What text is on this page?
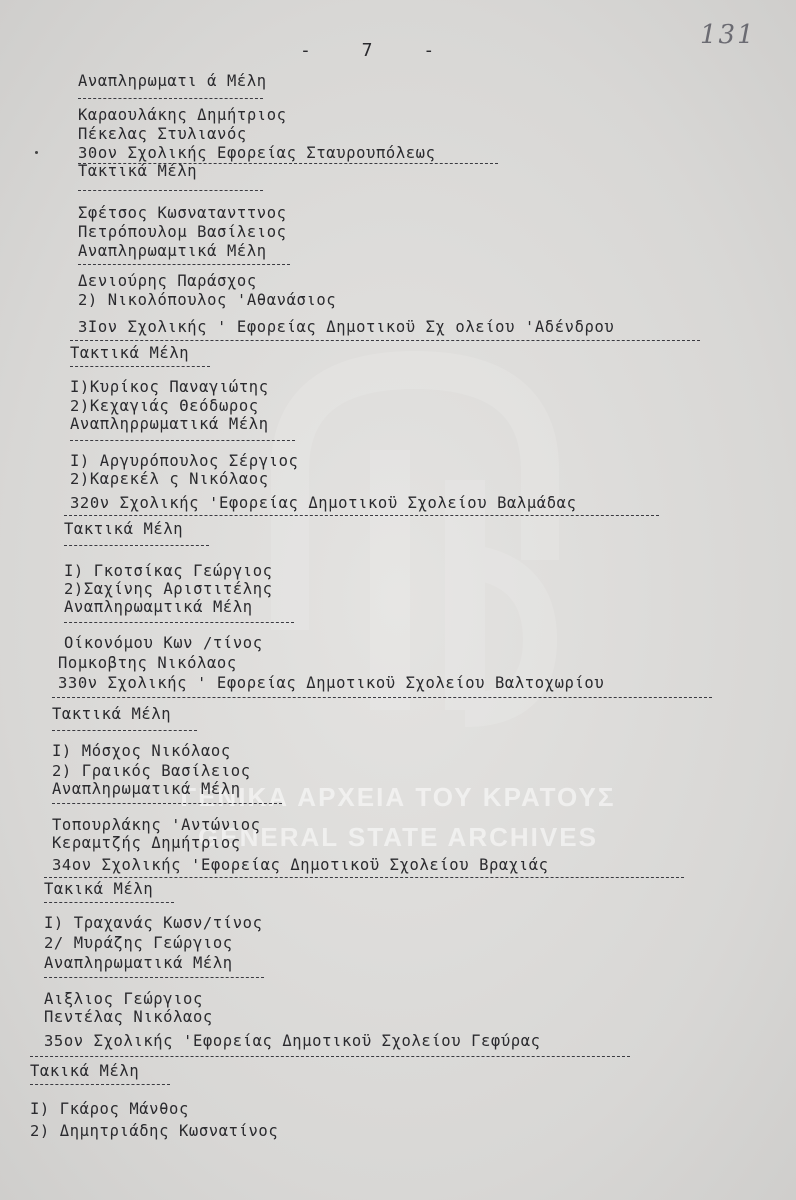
ΓΕΝΙΚΑ ΑΡΧΕΙΑ ΤΟΥ ΚΡΑΤΟΥΣ
GENERAL STATE ARCHIVES
- 7 -
131
Αναπληρωματι ά Μέλη
Καραουλάκης Δημήτριος
Πέκελας Στυλιανός
30ον Σχολικής Εφορείας Σταυρουπόλεως
Τακτικά Μέλη
Σφέτσος Κωσνατανττνος
Πετρόπουλομ Βασίλειος
Αναπληρωαμτικά Μέλη
Δενιούρης Παράσχος
2) Νικολόπουλος 'Αθανάσιος
3Ιον Σχολικής ' Εφορείας Δημοτικοϋ Σχ ολείου 'Αδένδρου
Τακτικά Μέλη
Ι)Κυρίκος Παναγιώτης
2)Κεχαγιάς Θεόδωρος
Αναπληρρωματικά Μέλη
Ι) Αργυρόπουλος Σέργιος
2)Καρεκέλ ς Νικόλαος
320ν Σχολικής 'Εφορείας Δημοτικοϋ Σχολείου Βαλμάδας
Τακτικά Μέλη
Ι) Γκοτσίκας Γεώργιος
2)Σαχίνης Αριστιτέλης
Αναπληρωαμτικά Μέλη
Οίκονόμου Κων /τίνος
Πομκοβτης Νικόλαος
330ν Σχολικής ' Εφορείας Δημοτικοϋ Σχολείου Βαλτοχωρίου
Τακτικά Μέλη
Ι) Μόσχος Νικόλαος
2) Γραικός Βασίλειος
Αναπληρωματικά Μέλη
Τοπουρλάκης 'Αντώνιος
Κεραμτζής Δημήτριος
34ον Σχολικής 'Εφορείας Δημοτικοϋ Σχολείου Βραχιάς
Τακικά Μέλη
Ι) Τραχανάς Κωσν/τίνος
2/ Μυράζης Γεώργιος
Αναπληρωματικά Μέλη
Αιξλιος Γεώργιος
Πεντέλας Νικόλαος
35ον Σχολικής 'Εφορείας Δημοτικοϋ Σχολείου Γεφύρας
Τακικά Μέλη
Ι) Γκάρος Μάνθος
2) Δημητριάδης Κωσνατίνος
